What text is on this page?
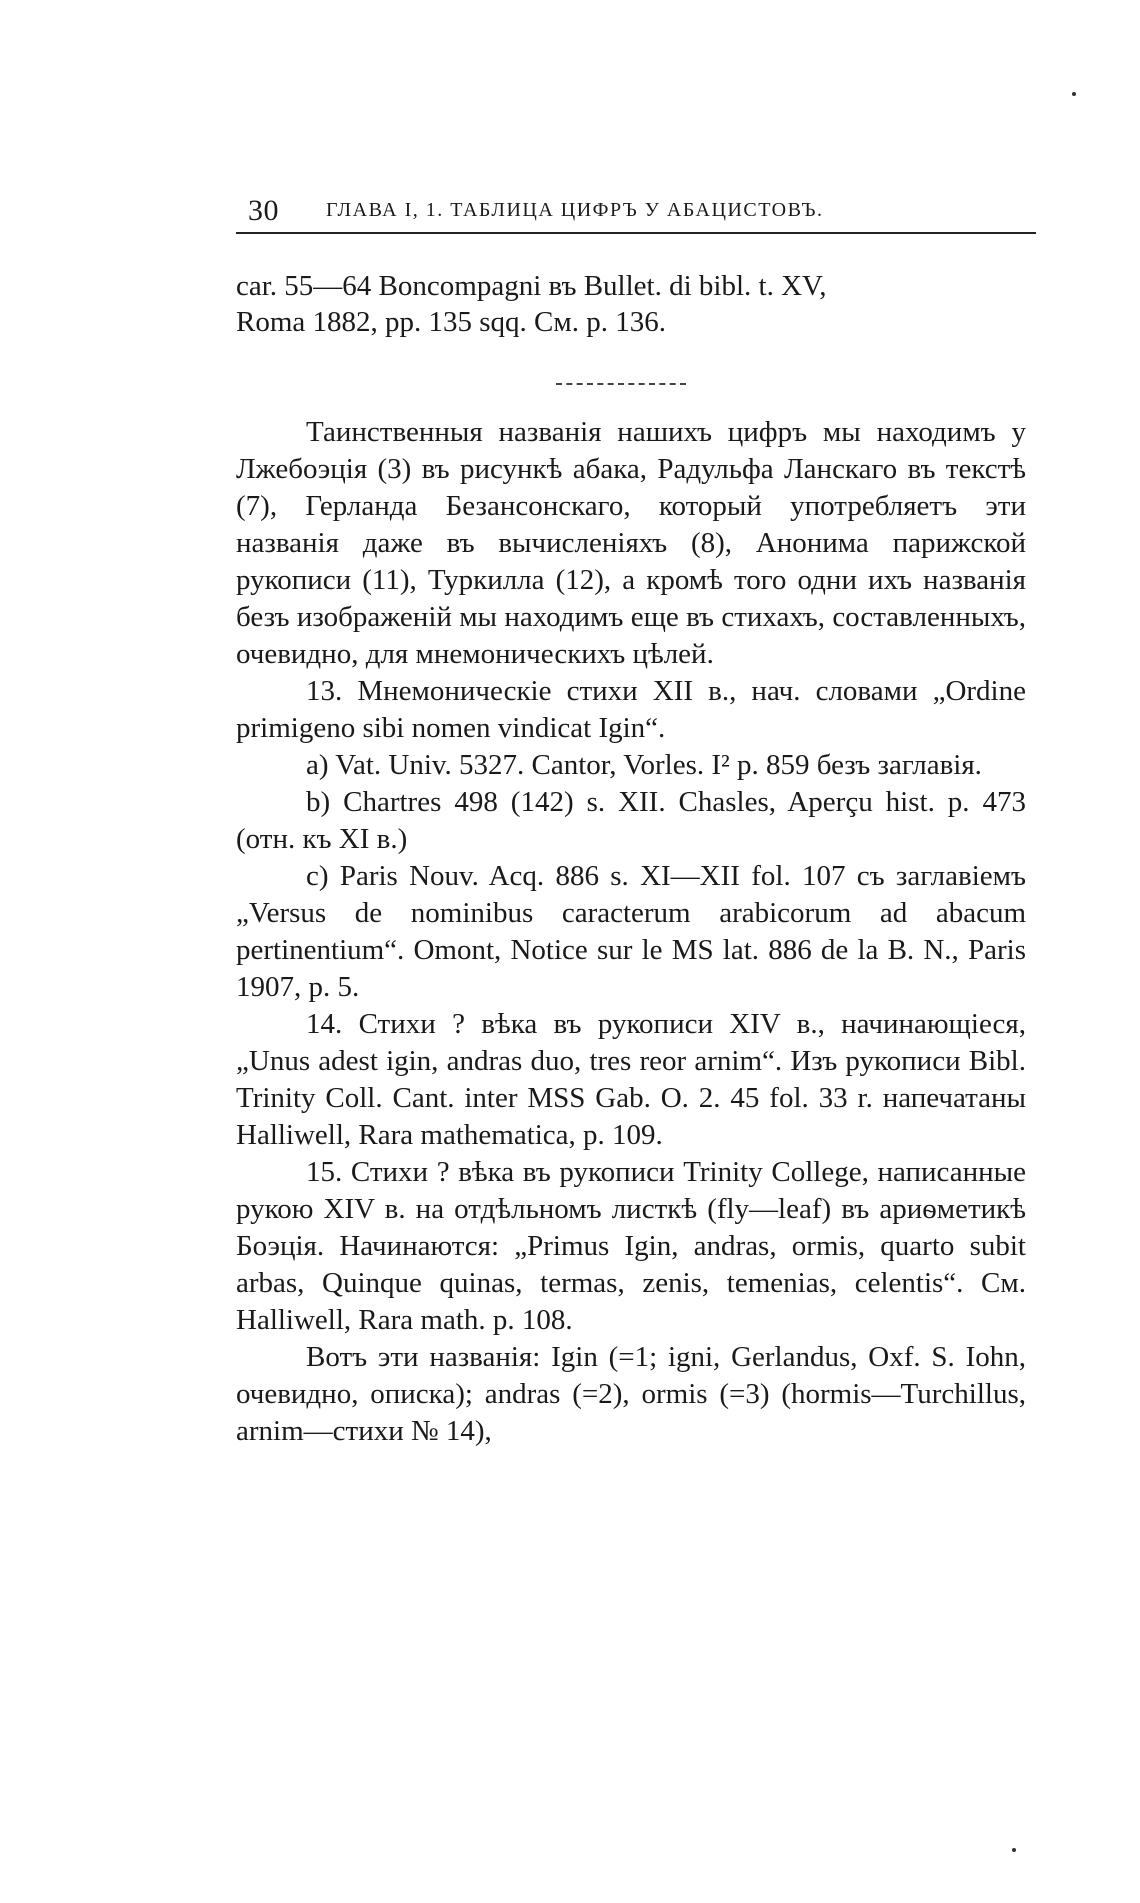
30 ГЛАВА I, 1. ТАБЛИЦА ЦИФРЪ У АБАЦИСТОВЪ.
car. 55—64 Boncompagni въ Bullet. di bibl. t. XV,
Roma 1882, pp. 135 sqq. См. p. 136.

Таинственныя названія нашихъ цифръ мы находимъ у Лжебоэція (3) въ рисункѣ абака, Радульфа Ланскаго въ текстѣ (7), Герланда Безансонскаго, который употребляетъ эти названія даже въ вычисленіяхъ (8), Анонима парижской рукописи (11), Туркилла (12), а кромѣ того одни ихъ названія безъ изображеній мы находимъ еще въ стихахъ, составленныхъ, очевидно, для мнемоническихъ цѣлей.

13. Мнемоническіе стихи XII в., нач. словами „Ordine primigeno sibi nomen vindicat Igin“.

a) Vat. Univ. 5327. Cantor, Vorles. I² p. 859 безъ заглавія.

b) Chartres 498 (142) s. XII. Chasles, Aperçu hist. p. 473 (отн. къ XI в.)

c) Paris Nouv. Acq. 886 s. XI—XII fol. 107 съ заглавіемъ „Versus de nominibus caracterum arabicorum ad abacum pertinentium“. Omont, Notice sur le MS lat. 886 de la B. N., Paris 1907, p. 5.

14. Стихи ? вѣка въ рукописи XIV в., начинающіеся, „Unus adest igin, andras duo, tres reor arnim“. Изъ рукописи Bibl. Trinity Coll. Cant. inter MSS Gab. O. 2. 45 fol. 33 r. напечатаны Halliwell, Rara mathematica, p. 109.

15. Стихи ? вѣка въ рукописи Trinity College, написанные рукою XIV в. на отдѣльномъ листкѣ (fly—leaf) въ ариѳметикѣ Боэція. Начинаются: „Primus Igin, andras, ormis, quarto subit arbas, Quinque quinas, termas, zenis, temenias, celentis“. См. Halliwell, Rara math. p. 108.

Вотъ эти названія: Igin (=1; igni, Gerlandus, Oxf. S. Iohn, очевидно, описка); andras (=2), ormis (=3) (hormis—Turchillus, arnim—стихи № 14),
